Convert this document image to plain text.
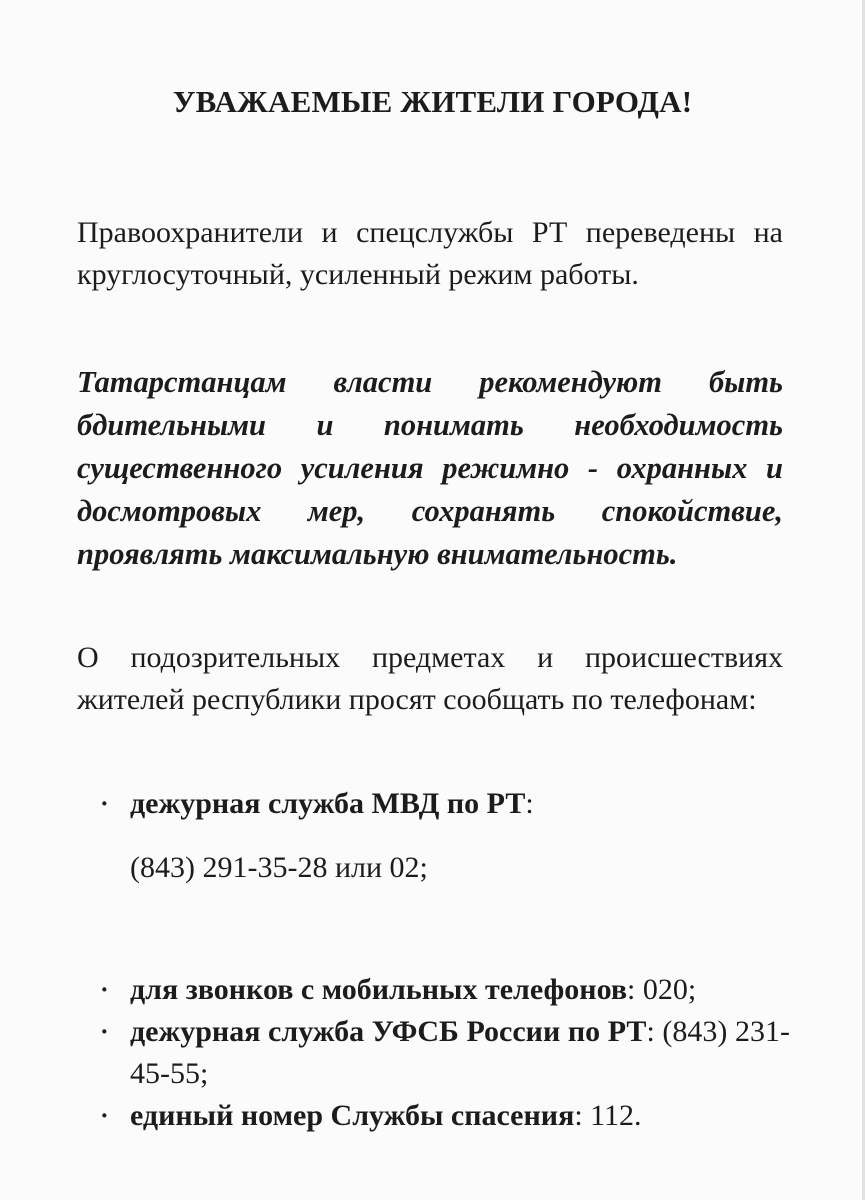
УВАЖАЕМЫЕ ЖИТЕЛИ ГОРОДА!
Правоохранители и спецслужбы РТ переведены на круглосуточный, усиленный режим работы.
Татарстанцам власти рекомендуют быть бдительными и понимать необходимость существенного усиления режимно - охранных и досмотровых мер, сохранять спокойствие, проявлять максимальную внимательность.
О подозрительных предметах и происшествиях жителей республики просят сообщать по телефонам:
· дежурная служба МВД по РТ:
(843) 291-35-28 или 02;
· для звонков с мобильных телефонов: 020;
· дежурная служба УФСБ России по РТ: (843) 231-45-55;
· единый номер Службы спасения: 112.
